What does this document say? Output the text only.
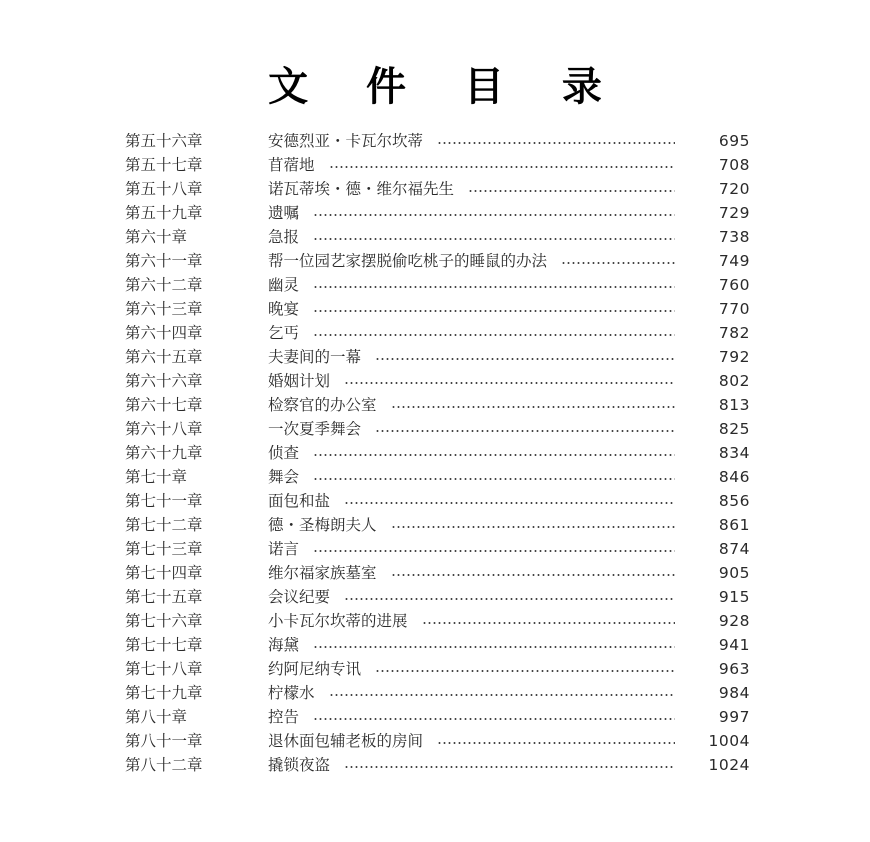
文 件 目 录
第五十六章	安德烈亚・卡瓦尔坎蒂	695
第五十七章	苜蓿地	708
第五十八章	诺瓦蒂埃・德・维尔福先生	720
第五十九章	遗嘱	729
第六十章	急报	738
第六十一章	帮一位园艺家摆脱偷吃桃子的睡鼠的办法	749
第六十二章	幽灵	760
第六十三章	晚宴	770
第六十四章	乞丐	782
第六十五章	夫妻间的一幕	792
第六十六章	婚姻计划	802
第六十七章	检察官的办公室	813
第六十八章	一次夏季舞会	825
第六十九章	侦查	834
第七十章	舞会	846
第七十一章	面包和盐	856
第七十二章	德・圣梅朗夫人	861
第七十三章	诺言	874
第七十四章	维尔福家族墓室	905
第七十五章	会议纪要	915
第七十六章	小卡瓦尔坎蒂的进展	928
第七十七章	海黛	941
第七十八章	约阿尼纳专讯	963
第七十九章	柠檬水	984
第八十章	控告	997
第八十一章	退休面包辅老板的房间	1004
第八十二章	撬锁夜盗	1024
